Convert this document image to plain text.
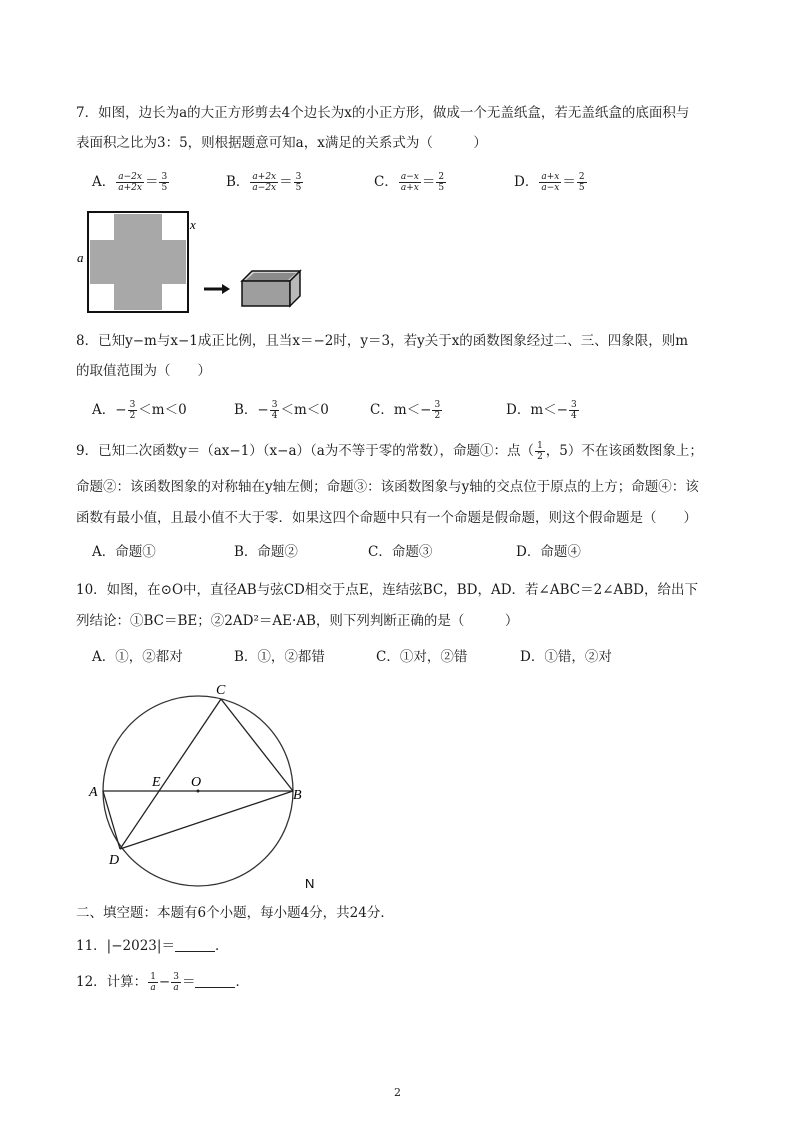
7．如图，边长为a的大正方形剪去4个边长为x的小正方形，做成一个无盖纸盒，若无盖纸盒的底面积与
表面积之比为3：5，则根据题意可知a，x满足的关系式为（　　　）
A． $\frac{a-2x}{a+2x} = \frac{3}{5}$	B． $\frac{a+2x}{a-2x} = \frac{3}{5}$	C． $\frac{a-x}{a+x} = \frac{2}{5}$	D． $\frac{a+x}{a-x} = \frac{2}{5}$
x
a
8．已知y−m与x−1成正比例，且当x＝−2时，y＝3，若y关于x的函数图象经过二、三、四象限，则m
的取值范围为（　　）
A．− $\frac{3}{2} <m<0$	B．− $\frac{3}{4} <m<0$	C．$m<- \frac{3}{2}$	D．$m<- \frac{3}{4}$
9．已知二次函数y＝（ax−1）（x−a）（a为不等于零的常数），命题①：点（ $\frac{1}{2}$ ，5）不在该函数图象上；
命题②：该函数图象的对称轴在y轴左侧；命题③：该函数图象与y轴的交点位于原点的上方；命题④：该
函数有最小值，且最小值不大于零．如果这四个命题中只有一个命题是假命题，则这个假命题是（　　）
A．命题①	B．命题②	C．命题③	D．命题④
10．如图，在⊙O中，直径AB与弦CD相交于点E，连结弦BC，BD，AD．若∠ABC＝2∠ABD，给出下
列结论：①BC＝BE；②2AD²＝AE·AB，则下列判断正确的是（　　　）
A．①，②都对	B．①，②都错	C．①对，②错	D．①错，②对
C
A	B
E O
D
N
二、填空题：本题有6个小题，每小题4分，共24分．
11．|−2023|＝	．
12．计算： $\frac{1}{a} - \frac{3}{a}$ ＝	．
2
